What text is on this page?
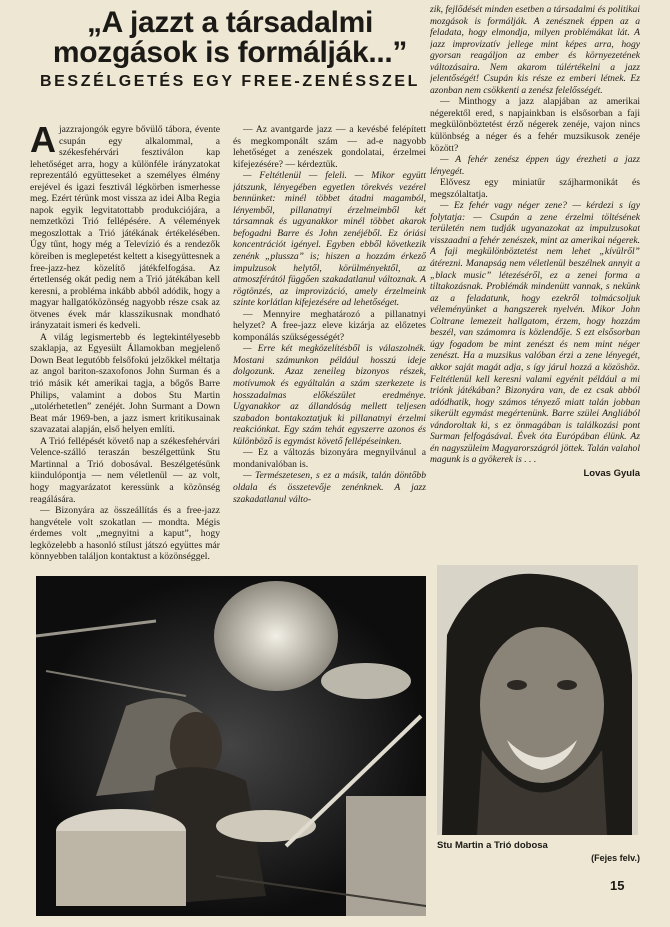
„A jazzt a társadalmi
mozgások is formálják...”
BESZÉLGETÉS EGY FREE-ZENÉSSZEL

Ajazzrajongók egyre bővülő tábora, évente csupán egy alkalommal, a székesfehérvári fesztiválon kap lehetőséget arra, hogy a különféle irányzatokat reprezentáló együtteseket a személyes élmény erejével és igazi fesztivál légkörben ismerhesse meg. Ezért térünk most vissza az idei Alba Regia napok egyik legvitatottabb produkciójára, a nemzetközi Trió fellépésére. A vélemények megoszlottak a Trió játékának értékelésében. Úgy tűnt, hogy még a Televízió és a rendezők köreiben is meglepetést keltett a kisegyüttesnek a free-jazz-hez közelítő játékfelfogása. Az értetlenség okát pedig nem a Trió játékában kell keresni, a probléma inkább abból adódik, hogy a magyar hallgatóközönség nagyobb része csak az ötvenes évek már klasszikusnak mondható irányzatait ismeri és kedveli.

A világ legismertebb és legtekintélyesebb szaklapja, az Egyesült Államokban megjelenő Down Beat legutóbb felsőfokú jelzőkkel méltatja az angol bariton-szaxofonos John Surman és a trió másik két amerikai tagja, a bőgős Barre Philips, valamint a dobos Stu Martin „utolérhetetlen” zenéjét. John Surmant a Down Beat már 1969-ben, a jazz ismert kritikusainak szavazatai alapján, első helyen említi.

A Trió fellépését követő nap a székesfehérvári Velence-szálló teraszán beszélgettünk Stu Martinnal a Trió dobosával. Beszélgetésünk kiindulópontja — nem véletlenül — az volt, hogy magyarázatot keressünk a közönség reagálására.

— Bizonyára az összeállítás és a free-jazz hangvétele volt szokatlan — mondta. Mégis érdemes volt „megnyitni a kaput”, hogy legközelebb a hasonló stílust játszó együttes már könnyebben találjon kontaktust a közönséggel.

— Az avantgarde jazz — a kevésbé felépített és megkomponált szám — ad-e nagyobb lehetőséget a zenészek gondolatai, érzelmei kifejezésére? — kérdeztük.

— Feltétlenül — feleli. — Mikor együtt játszunk, lényegében egyetlen törekvés vezérel bennünket: minél többet átadni magamból, lényemből, pillanatnyi érzelmeimből két társamnak és ugyanakkor minél többet akarok befogadni Barre és John zenéjéből. Ez óriási koncentrációt igényel. Egyben ebből következik zenénk „plussza” is; hiszen a hozzám érkező impulzusok helytől, körülményektől, az atmoszférától függően szakadatlanul változnak. A rögtönzés, az improvizáció, amely érzelmeink szinte korlátlan kifejezésére ad lehetőséget.

— Mennyire meghatározó a pillanatnyi helyzet? A free-jazz eleve kizárja az előzetes komponálás szükségességét?

— Erre két megközelítésből is válaszolnék. Mostani számunkon például hosszú ideje dolgozunk. Azaz zeneileg bizonyos részek, motívumok és egyáltalán a szám szerkezete is hosszadalmas előkészület eredménye. Ugyanakkor az állandóság mellett teljesen szabadon bontakoztatjuk ki pillanatnyi érzelmi reakciónkat. Egy szám tehát egyszerre azonos és különböző is egymást követő fellépéseinken.

— Ez a változás bizonyára megnyilvánul a mondanivalóban is.

— Természetesen, s ez a másik, talán döntőbb oldala és összetevője zenénknek. A jazz szakadatlanul válto-

zik, fejlődését minden esetben a társadalmi és politikai mozgások is formálják. A zenésznek éppen az a feladata, hogy elmondja, milyen problémákat lát. A jazz improvizatív jellege mint képes arra, hogy gyorsan reagáljon az ember és környezetének változásaira. Nem akarom túlértékelni a jazz jelentőségét! Csupán kis része ez emberi létnek. Ez azonban nem csökkenti a zenész felelősségét.

— Minthogy a jazz alapjában az amerikai négerektől ered, s napjainkban is elsősorban a faji megkülönböztetést érző négerek zenéje, vajon nincs különbség a néger és a fehér muzsikusok zenéje között?

— A fehér zenész éppen úgy érezheti a jazz lényegét.

Elővesz egy miniatűr szájharmonikát és megszólaltatja.

— Ez fehér vagy néger zene? — kérdezi s így folytatja: — Csupán a zene érzelmi töltésének területén nem tudják ugyanazokat az impulzusokat visszaadni a fehér zenészek, mint az amerikai négerek. A faji megkülönböztetést nem lehet „kívülről” átérezni. Manapság nem véletlenül beszélnek annyit a „black music” létezéséről, ez a zenei forma a tiltakozásnak. Problémák mindenütt vannak, s nekünk az a feladatunk, hogy ezekről tolmácsoljuk véleményünket a hangszerek nyelvén. Mikor John Coltrane lemezeit hallgatom, érzem, hogy hozzám beszél, van számomra is közlendője. S ezt elsősorban úgy fogadom be mint zenészt és nem mint néger zenészt. Ha a muzsikus valóban érzi a zene lényegét, akkor saját magát adja, s így járul hozzá a közöshöz. Feltétlenül kell keresni valami egyénit például a mi triónk játékában? Bizonyára van, de ez csak abból adódhatik, hogy számos tényező miatt talán jobban sikerült egymást megértenünk. Barre szülei Angliából vándoroltak ki, s ez önmagában is találkozási pont Surman felfogásával. Évek óta Európában élünk. Az én nagyszüleim Magyarországról jöttek. Talán valahol magunk is a gyökerek is . . .

Lovas Gyula
Stu Martin a Trió dobosa
(Fejes felv.)
15
